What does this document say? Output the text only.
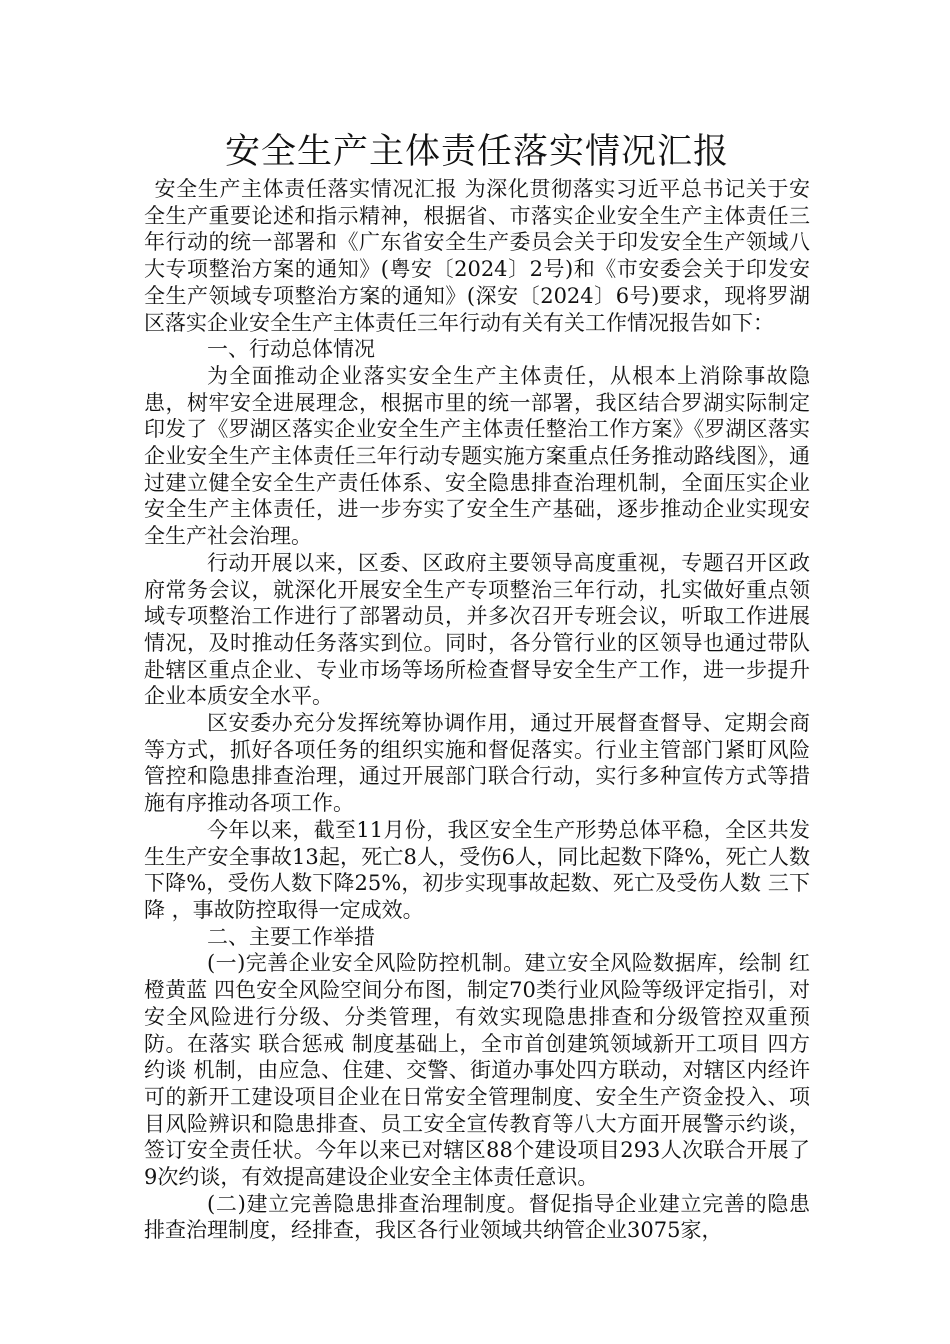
安全生产主体责任落实情况汇报

安全生产主体责任落实情况汇报 为深化贯彻落实习近平总书记关于安全生产重要论述和指示精神，根据省、市落实企业安全生产主体责任三年行动的统一部署和《广东省安全生产委员会关于印发安全生产领域八大专项整治方案的通知》(粤安〔2024〕2号)和《市安委会关于印发安全生产领域专项整治方案的通知》(深安〔2024〕6号)要求，现将罗湖区落实企业安全生产主体责任三年行动有关有关工作情况报告如下：

一、行动总体情况

为全面推动企业落实安全生产主体责任，从根本上消除事故隐患，树牢安全进展理念，根据市里的统一部署，我区结合罗湖实际制定印发了《罗湖区落实企业安全生产主体责任整治工作方案》《罗湖区落实企业安全生产主体责任三年行动专题实施方案重点任务推动路线图》，通过建立健全安全生产责任体系、安全隐患排查治理机制，全面压实企业安全生产主体责任，进一步夯实了安全生产基础，逐步推动企业实现安全生产社会治理。

行动开展以来，区委、区政府主要领导高度重视，专题召开区政府常务会议，就深化开展安全生产专项整治三年行动，扎实做好重点领域专项整治工作进行了部署动员，并多次召开专班会议，听取工作进展情况，及时推动任务落实到位。同时，各分管行业的区领导也通过带队赴辖区重点企业、专业市场等场所检查督导安全生产工作，进一步提升企业本质安全水平。

区安委办充分发挥统筹协调作用，通过开展督查督导、定期会商等方式，抓好各项任务的组织实施和督促落实。行业主管部门紧盯风险管控和隐患排查治理，通过开展部门联合行动，实行多种宣传方式等措施有序推动各项工作。

今年以来，截至11月份，我区安全生产形势总体平稳，全区共发生生产安全事故13起，死亡8人，受伤6人，同比起数下降%，死亡人数下降%，受伤人数下降25%，初步实现事故起数、死亡及受伤人数 三下降 ，事故防控取得一定成效。

二、主要工作举措

(一)完善企业安全风险防控机制。建立安全风险数据库，绘制 红橙黄蓝 四色安全风险空间分布图，制定70类行业风险等级评定指引，对安全风险进行分级、分类管理，有效实现隐患排查和分级管控双重预防。在落实 联合惩戒 制度基础上，全市首创建筑领域新开工项目 四方约谈 机制，由应急、住建、交警、街道办事处四方联动，对辖区内经许可的新开工建设项目企业在日常安全管理制度、安全生产资金投入、项目风险辨识和隐患排查、员工安全宣传教育等八大方面开展警示约谈，签订安全责任状。今年以来已对辖区88个建设项目293人次联合开展了9次约谈，有效提高建设企业安全主体责任意识。

(二)建立完善隐患排查治理制度。督促指导企业建立完善的隐患排查治理制度，经排查，我区各行业领域共纳管企业3075家，
